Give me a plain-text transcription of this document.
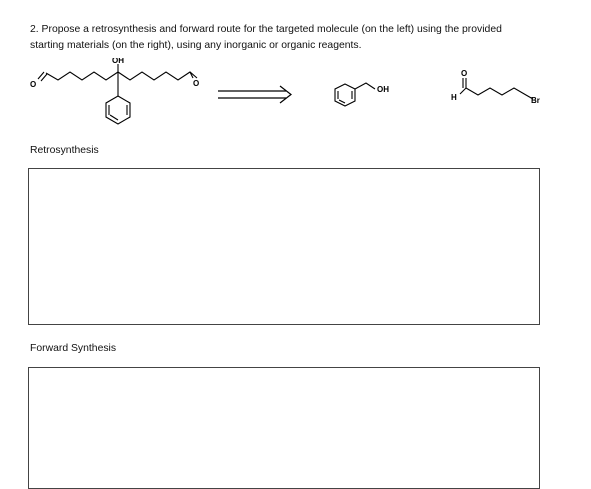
2. Propose a retrosynthesis and forward route for the targeted molecule (on the left) using the provided
starting materials (on the right), using any inorganic or organic reagents.
OH
O	O
OH
H
O
Br
Retrosynthesis
Forward Synthesis
